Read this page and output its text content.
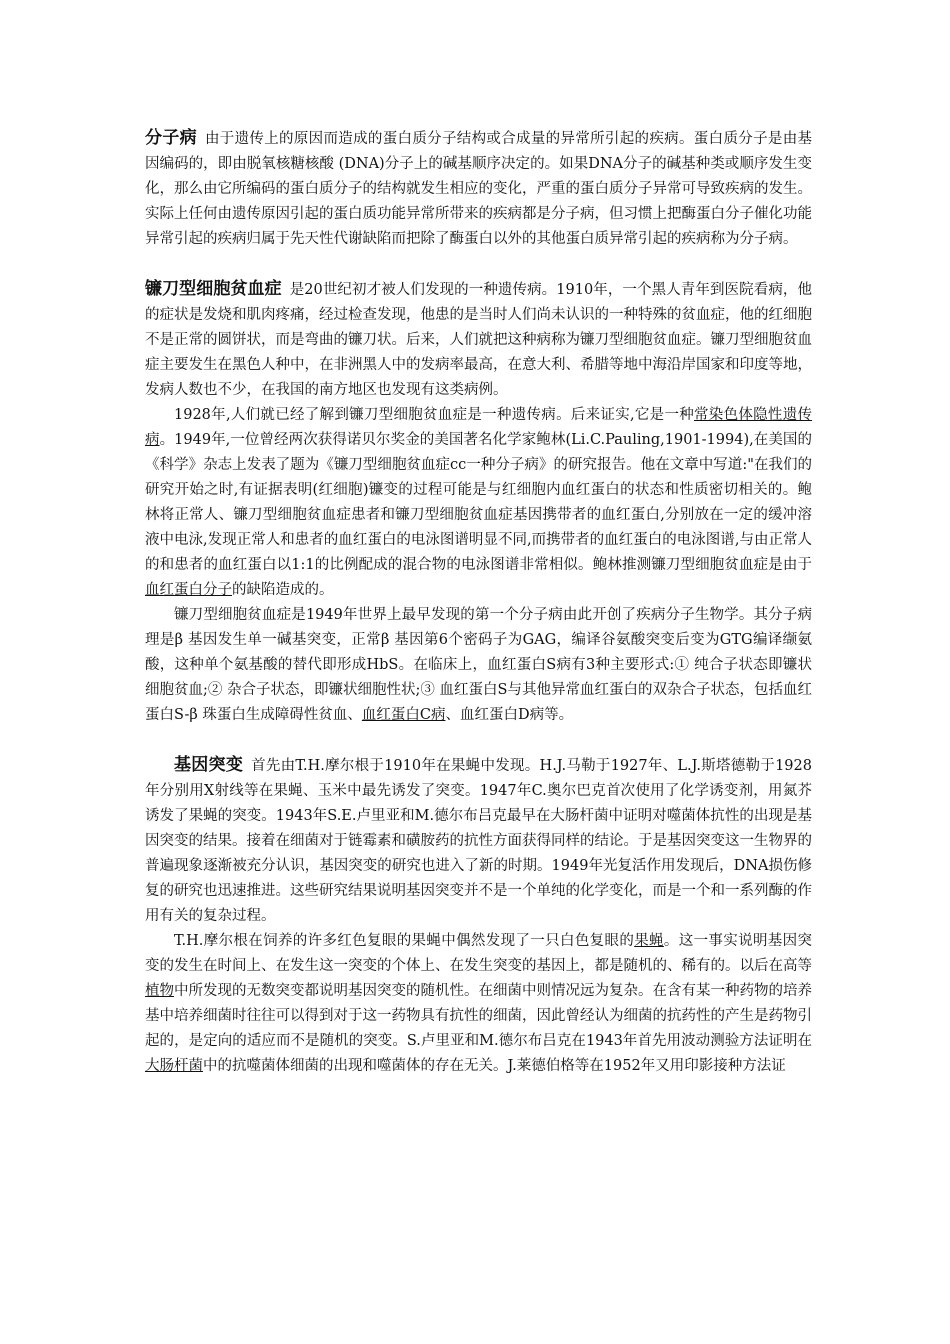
分子病 由于遗传上的原因而造成的蛋白质分子结构或合成量的异常所引起的疾病。蛋白质分子是由基因编码的，即由脱氧核糖核酸 (DNA)分子上的碱基顺序决定的。如果DNA分子的碱基种类或顺序发生变化，那么由它所编码的蛋白质分子的结构就发生相应的变化，严重的蛋白质分子异常可导致疾病的发生。实际上任何由遗传原因引起的蛋白质功能异常所带来的疾病都是分子病，但习惯上把酶蛋白分子催化功能异常引起的疾病归属于先天性代谢缺陷而把除了酶蛋白以外的其他蛋白质异常引起的疾病称为分子病。

镰刀型细胞贫血症 是20世纪初才被人们发现的一种遗传病。1910年，一个黑人青年到医院看病，他的症状是发烧和肌肉疼痛，经过检查发现，他患的是当时人们尚未认识的一种特殊的贫血症，他的红细胞不是正常的圆饼状，而是弯曲的镰刀状。后来，人们就把这种病称为镰刀型细胞贫血症。镰刀型细胞贫血症主要发生在黑色人种中，在非洲黑人中的发病率最高，在意大利、希腊等地中海沿岸国家和印度等地，发病人数也不少，在我国的南方地区也发现有这类病例。

1928年,人们就已经了解到镰刀型细胞贫血症是一种遗传病。后来证实,它是一种常染色体隐性遗传病。1949年,一位曾经两次获得诺贝尔奖金的美国著名化学家鲍林(Li.C.Pauling,1901-1994),在美国的《科学》杂志上发表了题为《镰刀型细胞贫血症cc一种分子病》的研究报告。他在文章中写道:"在我们的研究开始之时,有证据表明(红细胞)镰变的过程可能是与红细胞内血红蛋白的状态和性质密切相关的。鲍林将正常人、镰刀型细胞贫血症患者和镰刀型细胞贫血症基因携带者的血红蛋白,分别放在一定的缓冲溶液中电泳,发现正常人和患者的血红蛋白的电泳图谱明显不同,而携带者的血红蛋白的电泳图谱,与由正常人的和患者的血红蛋白以1:1的比例配成的混合物的电泳图谱非常相似。鲍林推测镰刀型细胞贫血症是由于血红蛋白分子的缺陷造成的。

镰刀型细胞贫血症是1949年世界上最早发现的第一个分子病由此开创了疾病分子生物学。其分子病理是β 基因发生单一碱基突变，正常β 基因第6个密码子为GAG，编译谷氨酸突变后变为GTG编译缬氨酸，这种单个氨基酸的替代即形成HbS。在临床上，血红蛋白S病有3种主要形式:① 纯合子状态即镰状细胞贫血;② 杂合子状态，即镰状细胞性状;③ 血红蛋白S与其他异常血红蛋白的双杂合子状态，包括血红蛋白S-β 珠蛋白生成障碍性贫血、血红蛋白C病、血红蛋白D病等。

基因突变 首先由T.H.摩尔根于1910年在果蝇中发现。H.J.马勒于1927年、L.J.斯塔德勒于1928年分别用X射线等在果蝇、玉米中最先诱发了突变。1947年C.奥尔巴克首次使用了化学诱变剂，用氮芥诱发了果蝇的突变。1943年S.E.卢里亚和M.德尔布吕克最早在大肠杆菌中证明对噬菌体抗性的出现是基因突变的结果。接着在细菌对于链霉素和磺胺药的抗性方面获得同样的结论。于是基因突变这一生物界的普遍现象逐渐被充分认识，基因突变的研究也进入了新的时期。1949年光复活作用发现后，DNA损伤修复的研究也迅速推进。这些研究结果说明基因突变并不是一个单纯的化学变化，而是一个和一系列酶的作用有关的复杂过程。

T.H.摩尔根在饲养的许多红色复眼的果蝇中偶然发现了一只白色复眼的果蝇。这一事实说明基因突变的发生在时间上、在发生这一突变的个体上、在发生突变的基因上，都是随机的、稀有的。以后在高等植物中所发现的无数突变都说明基因突变的随机性。在细菌中则情况远为复杂。在含有某一种药物的培养基中培养细菌时往往可以得到对于这一药物具有抗性的细菌，因此曾经认为细菌的抗药性的产生是药物引起的，是定向的适应而不是随机的突变。S.卢里亚和M.德尔布吕克在1943年首先用波动测验方法证明在大肠杆菌中的抗噬菌体细菌的出现和噬菌体的存在无关。J.莱德伯格等在1952年又用印影接种方法证
